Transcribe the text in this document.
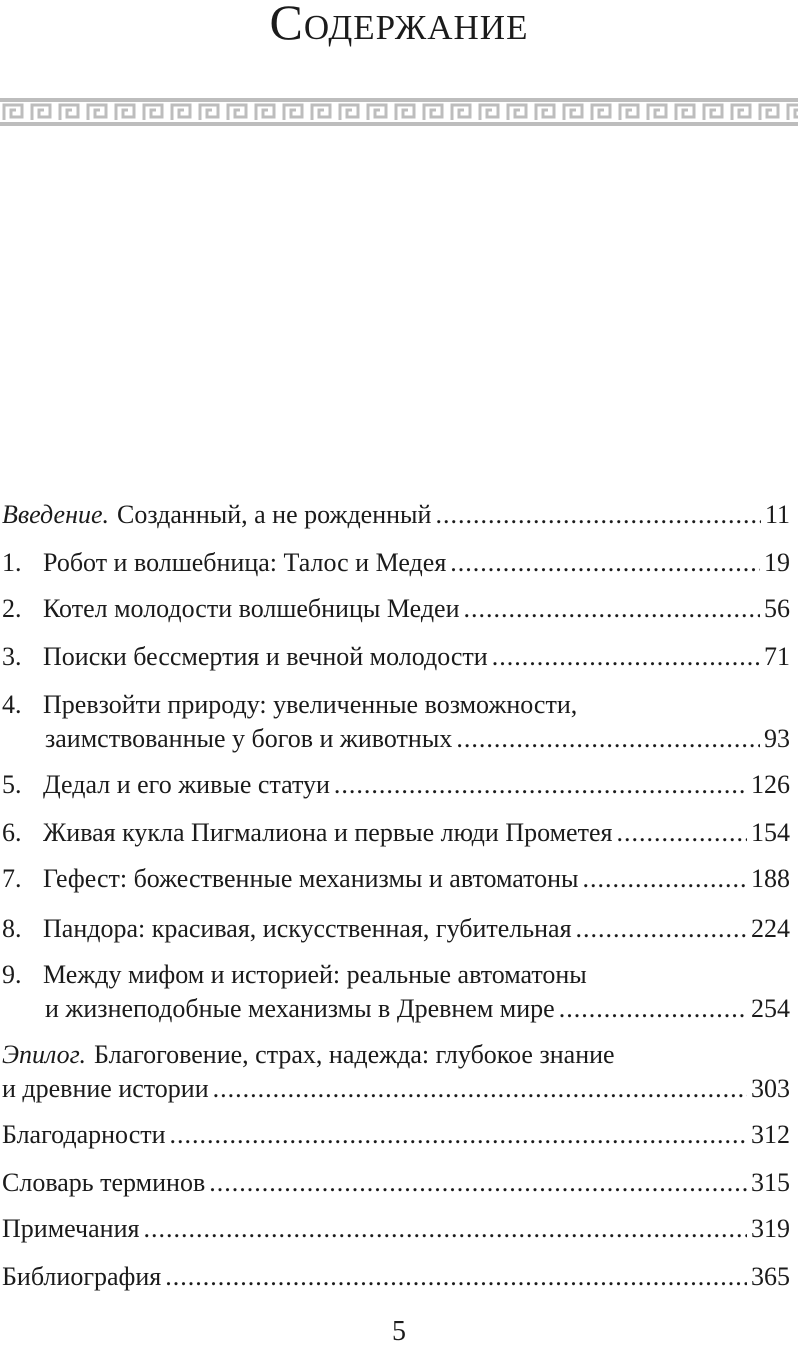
Содержание
Введение. Созданный, а не рожденный .....	11
1. Робот и волшебница: Талос и Медея .....	19
2. Котел молодости волшебницы Медеи .....	56
3. Поиски бессмертия и вечной молодости .....	71
4. Превзойти природу: увеличенные возможности,
заимствованные у богов и животных .....	93
5. Дедал и его живые статуи .....	126
6. Живая кукла Пигмалиона и первые люди Прометея .....	154
7. Гефест: божественные механизмы и автоматоны .....	188
8. Пандора: красивая, искусственная, губительная .....	224
9. Между мифом и историей: реальные автоматоны
и жизнеподобные механизмы в Древнем мире .....	254
Эпилог. Благоговение, страх, надежда: глубокое знание
и древние истории .....	303
Благодарности .....	312
Словарь терминов .....	315
Примечания .....	319
Библиография .....	365
5
